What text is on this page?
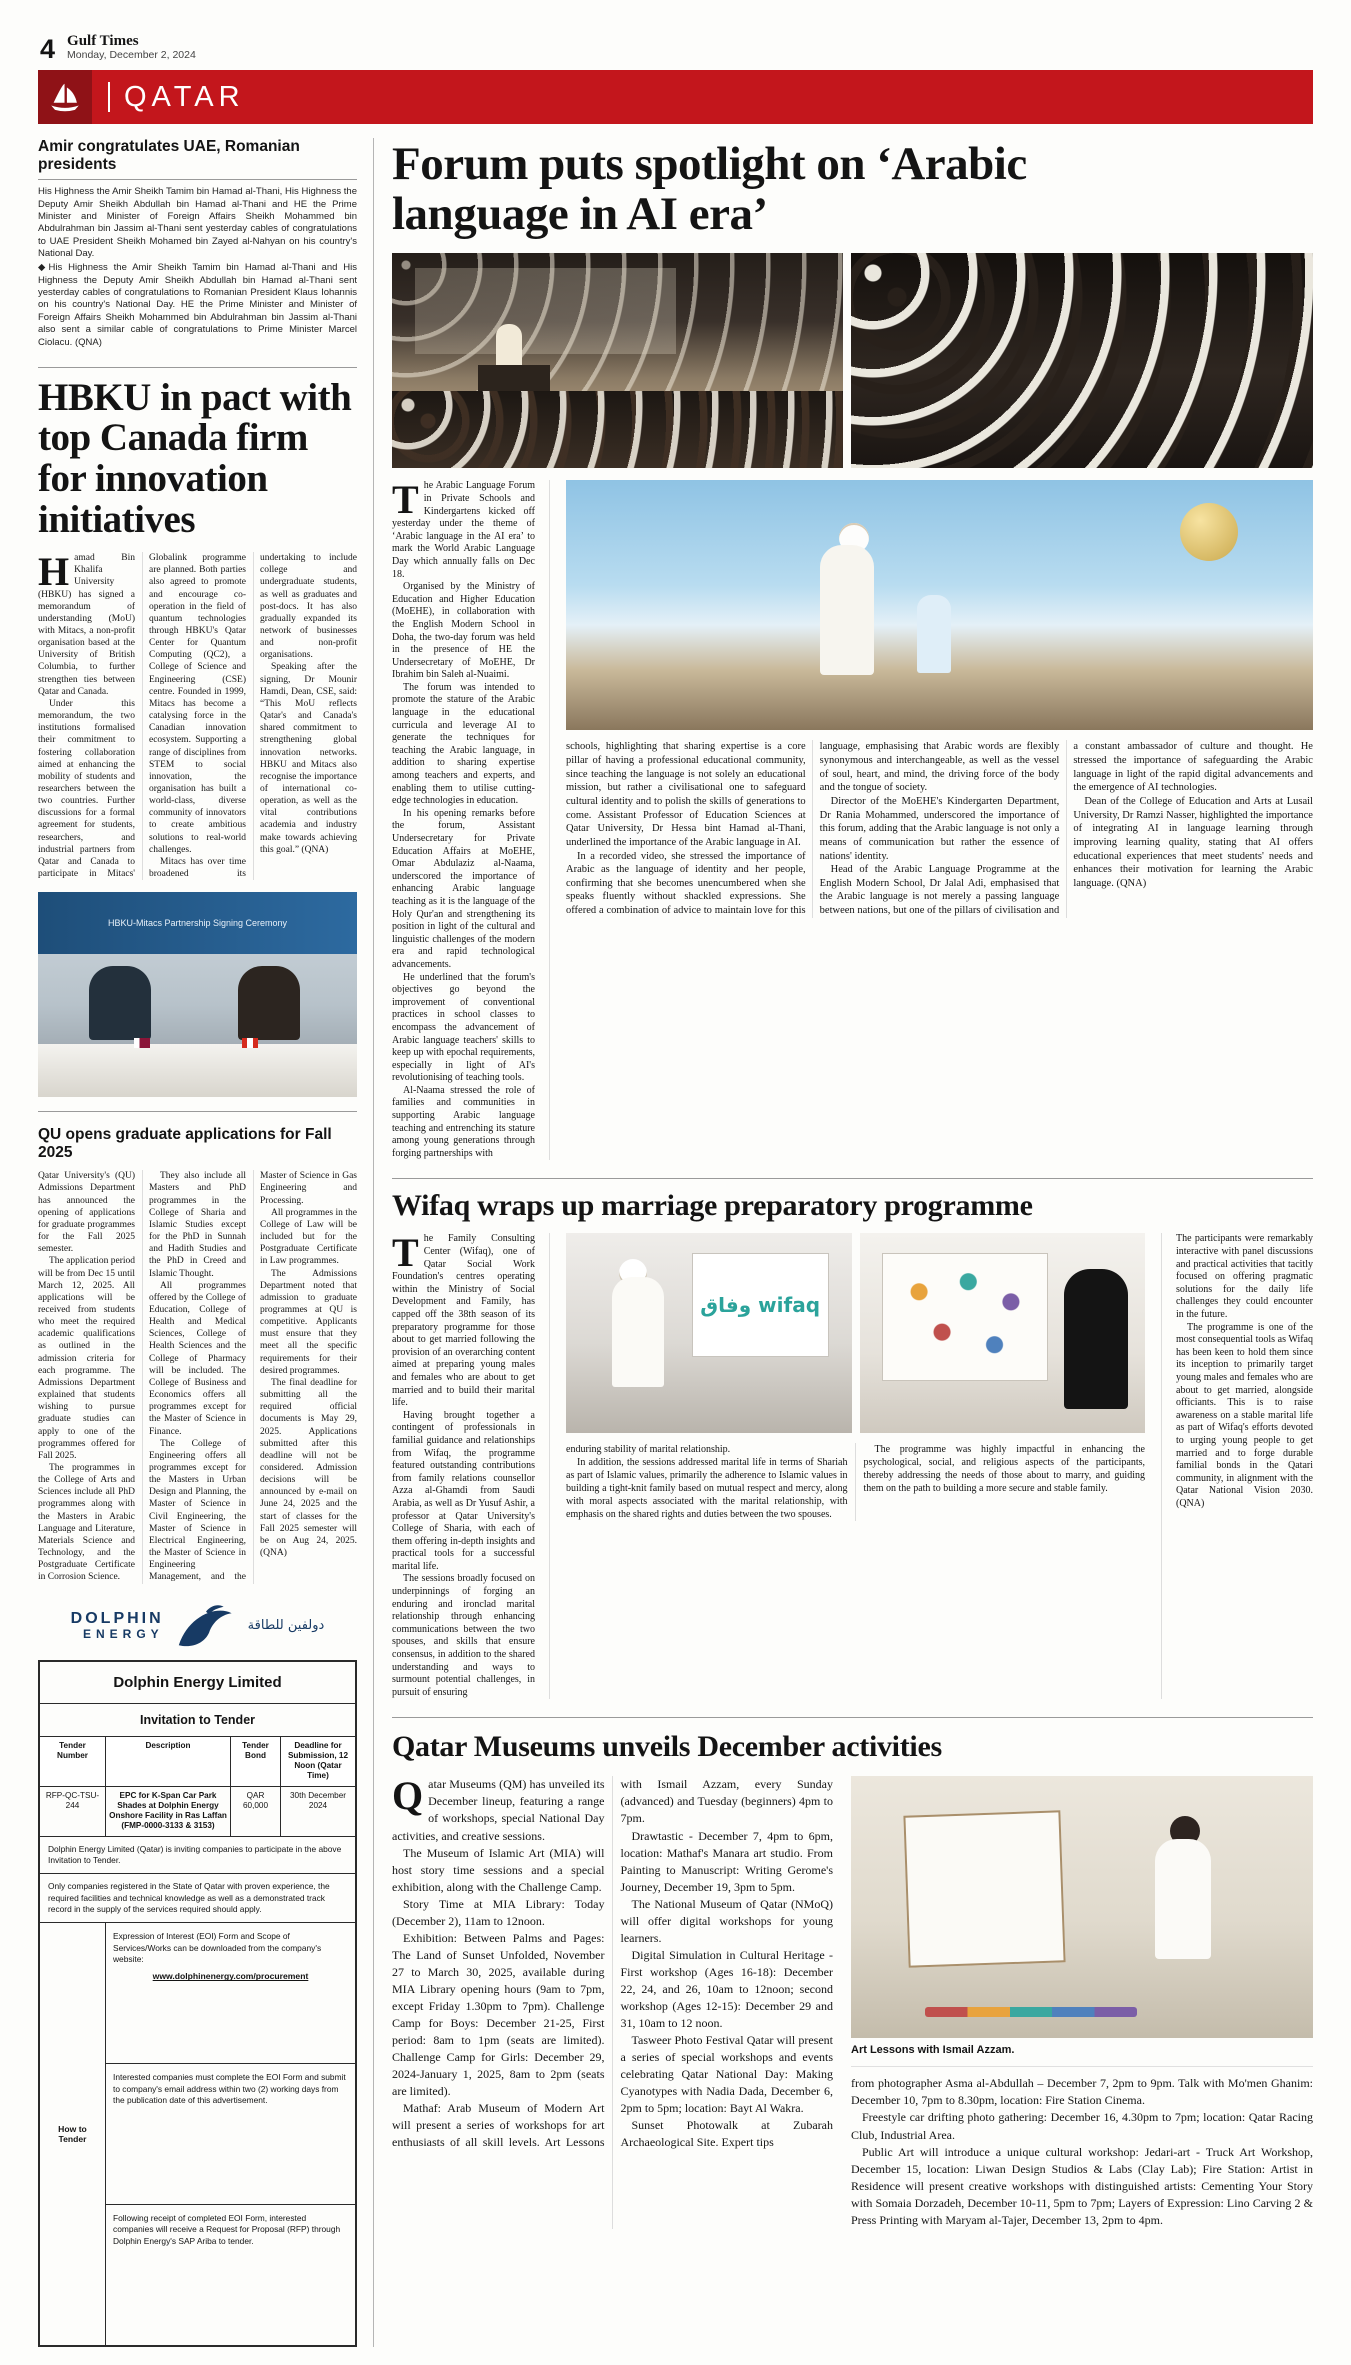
4 Gulf Times
Monday, December 2, 2024
QATAR
Amir congratulates UAE, Romanian presidents

His Highness the Amir Sheikh Tamim bin Hamad al-Thani, His Highness the Deputy Amir Sheikh Abdullah bin Hamad al-Thani and HE the Prime Minister and Minister of Foreign Affairs Sheikh Mohammed bin Abdulrahman bin Jassim al-Thani sent yesterday cables of congratulations to UAE President Sheikh Mohamed bin Zayed al-Nahyan on his country's National Day.

◆His Highness the Amir Sheikh Tamim bin Hamad al-Thani and His Highness the Deputy Amir Sheikh Abdullah bin Hamad al-Thani sent yesterday cables of congratulations to Romanian President Klaus Iohannis on his country's National Day. HE the Prime Minister and Minister of Foreign Affairs Sheikh Mohammed bin Abdulrahman bin Jassim al-Thani also sent a similar cable of congratulations to Prime Minister Marcel Ciolacu. (QNA)

HBKU in pact with top Canada firm for innovation initiatives

Hamad Bin Khalifa University (HBKU) has signed a memorandum of understanding (MoU) with Mitacs, a non-profit organisation based at the University of British Columbia, to further strengthen ties between Qatar and Canada.

Under this memorandum, the two institutions formalised their commitment to fostering collaboration aimed at enhancing the mobility of students and researchers between the two countries. Further discussions for a formal agreement for students, researchers, and industrial partners from Qatar and Canada to participate in Mitacs' Globalink programme are planned. Both parties also agreed to promote and encourage co-operation in the field of quantum technologies through HBKU's Qatar Center for Quantum Computing (QC2), a College of Science and Engineering (CSE) centre. Founded in 1999, Mitacs has become a catalysing force in the Canadian innovation ecosystem. Supporting a range of disciplines from STEM to social innovation, the organisation has built a world-class, diverse community of innovators to create ambitious solutions to real-world challenges.

Mitacs has over time broadened its undertaking to include college and undergraduate students, as well as graduates and post-docs. It has also gradually expanded its network of businesses and non-profit organisations.

Speaking after the signing, Dr Mounir Hamdi, Dean, CSE, said: “This MoU reflects Qatar's and Canada's shared commitment to strengthening global innovation networks. HBKU and Mitacs also recognise the importance of international co-operation, as well as the vital contributions academia and industry make towards achieving this goal.” (QNA)

HBKU-Mitacs Partnership Signing Ceremony
QU opens graduate applications for Fall 2025

Qatar University's (QU) Admissions Department has announced the opening of applications for graduate programmes for the Fall 2025 semester.

The application period will be from Dec 15 until March 12, 2025. All applications will be received from students who meet the required academic qualifications as outlined in the admission criteria for each programme. The Admissions Department explained that students wishing to pursue graduate studies can apply to one of the programmes offered for Fall 2025.

The programmes in the College of Arts and Sciences include all PhD programmes along with the Masters in Arabic Language and Literature, Materials Science and Technology, and the Postgraduate Certificate in Corrosion Science.

They also include all Masters and PhD programmes in the College of Sharia and Islamic Studies except for the PhD in Sunnah and Hadith Studies and the PhD in Creed and Islamic Thought.

All programmes offered by the College of Education, College of Health and Medical Sciences, College of Health Sciences and the College of Pharmacy will be included. The College of Business and Economics offers all programmes except for the Master of Science in Finance.

The College of Engineering offers all programmes except for the Masters in Urban Design and Planning, the Master of Science in Civil Engineering, the Master of Science in Electrical Engineering, the Master of Science in Engineering Management, and the Master of Science in Gas Engineering and Processing.

All programmes in the College of Law will be included but for the Postgraduate Certificate in Law programmes.

The Admissions Department noted that admission to graduate programmes at QU is competitive. Applicants must ensure that they meet all the specific requirements for their desired programmes.

The final deadline for submitting all the required official documents is May 29, 2025. Applications submitted after this deadline will not be considered. Admission decisions will be announced by e-mail on June 24, 2025 and the start of classes for the Fall 2025 semester will be on Aug 24, 2025. (QNA)

DOLPHIN
ENERGY
دولفين للطاقة
Dolphin Energy Limited
Invitation to Tender
Tender Number
Description	Tender Bond
Deadline for Submission, 12 Noon (Qatar Time)
RFP-QC-TSU-244
EPC for K-Span Car Park Shades at Dolphin Energy Onshore Facility in Ras Laffan (FMP-0000-3133 & 3153)
QAR 60,000
30th December 2024
Dolphin Energy Limited (Qatar) is inviting companies to participate in the above Invitation to Tender.
Only companies registered in the State of Qatar with proven experience, the required facilities and technical knowledge as well as a demonstrated track record in the supply of the services required should apply.
How to Tender
Expression of Interest (EOI) Form and Scope of Services/Works can be downloaded from the company's website:
www.dolphinenergy.com/procurement
Interested companies must complete the EOI Form and submit to company's email address within two (2) working days from the publication date of this advertisement.
Following receipt of completed EOI Form, interested companies will receive a Request for Proposal (RFP) through Dolphin Energy's SAP Ariba to tender.
Forum puts spotlight on ‘Arabic language in AI era’

The Arabic Language Forum in Private Schools and Kindergartens kicked off yesterday under the theme of ‘Arabic language in the AI era’ to mark the World Arabic Language Day which annually falls on Dec 18.

Organised by the Ministry of Education and Higher Education (MoEHE), in collaboration with the English Modern School in Doha, the two-day forum was held in the presence of HE the Undersecretary of MoEHE, Dr Ibrahim bin Saleh al-Nuaimi.

The forum was intended to promote the stature of the Arabic language in the educational curricula and leverage AI to generate the techniques for teaching the Arabic language, in addition to sharing expertise among teachers and experts, and enabling them to utilise cutting-edge technologies in education.

In his opening remarks before the forum, Assistant Undersecretary for Private Education Affairs at MoEHE, Omar Abdulaziz al-Naama, underscored the importance of enhancing Arabic language teaching as it is the language of the Holy Qur'an and strengthening its position in light of the cultural and linguistic challenges of the modern era and rapid technological advancements.

He underlined that the forum's objectives go beyond the improvement of conventional practices in school classes to encompass the advancement of Arabic language teachers' skills to keep up with epochal requirements, especially in light of AI's revolutionising of teaching tools.

Al-Naama stressed the role of families and communities in supporting Arabic language teaching and entrenching its stature among young generations through forging partnerships with

schools, highlighting that sharing expertise is a core pillar of having a professional educational community, since teaching the language is not solely an educational mission, but rather a civilisational one to safeguard cultural identity and to polish the skills of generations to come. Assistant Professor of Education Sciences at Qatar University, Dr Hessa bint Hamad al-Thani, underlined the importance of the Arabic language in AI.

In a recorded video, she stressed the importance of Arabic as the language of identity and her people, confirming that she becomes unencumbered when she speaks fluently without shackled expressions. She offered a combination of advice to maintain love for this language, emphasising that Arabic words are flexibly synonymous and interchangeable, as well as the vessel of soul, heart, and mind, the driving force of the body and the tongue of society.

Director of the MoEHE's Kindergarten Department, Dr Rania Mohammed, underscored the importance of this forum, adding that the Arabic language is not only a means of communication but rather the essence of nations' identity.

Head of the Arabic Language Programme at the English Modern School, Dr Jalal Adi, emphasised that the Arabic language is not merely a passing language between nations, but one of the pillars of civilisation and a constant ambassador of culture and thought. He stressed the importance of safeguarding the Arabic language in light of the rapid digital advancements and the emergence of AI technologies.

Dean of the College of Education and Arts at Lusail University, Dr Ramzi Nasser, highlighted the importance of integrating AI in language learning through improving learning quality, stating that AI offers educational experiences that meet students' needs and enhances their motivation for learning the Arabic language. (QNA)

Wifaq wraps up marriage preparatory programme

The Family Consulting Center (Wifaq), one of Qatar Social Work Foundation's centres operating within the Ministry of Social Development and Family, has capped off the 38th season of its preparatory programme for those about to get married following the provision of an overarching content aimed at preparing young males and females who are about to get married and to build their marital life.

Having brought together a contingent of professionals in familial guidance and relationships from Wifaq, the programme featured outstanding contributions from family relations counsellor Azza al-Ghamdi from Saudi Arabia, as well as Dr Yusuf Ashir, a professor at Qatar University's College of Sharia, with each of them offering in-depth insights and practical tools for a successful marital life.

The sessions broadly focused on underpinnings of forging an enduring and ironclad marital relationship through enhancing communications between the two spouses, and skills that ensure consensus, in addition to the shared understanding and ways to surmount potential challenges, in pursuit of ensuring

وفاق wifaq

enduring stability of marital relationship.

In addition, the sessions addressed marital life in terms of Shariah as part of Islamic values, primarily the adherence to Islamic values in building a tight-knit family based on mutual respect and mercy, along with moral aspects associated with the marital relationship, with emphasis on the shared rights and duties between the two spouses.

The programme was highly impactful in enhancing the psychological, social, and religious aspects of the participants, thereby addressing the needs of those about to marry, and guiding them on the path to building a more secure and stable family.

The participants were remarkably interactive with panel discussions and practical activities that tacitly focused on offering pragmatic solutions for the daily life challenges they could encounter in the future.

The programme is one of the most consequential tools as Wifaq has been keen to hold them since its inception to primarily target young males and females who are about to get married, alongside officiants. This is to raise awareness on a stable marital life as part of Wifaq's efforts devoted to urging young people to get married and to forge durable familial bonds in the Qatari community, in alignment with the Qatar National Vision 2030. (QNA)

Qatar Museums unveils December activities

Qatar Museums (QM) has unveiled its December lineup, featuring a range of workshops, special National Day activities, and creative sessions.

The Museum of Islamic Art (MIA) will host story time sessions and a special exhibition, along with the Challenge Camp.

Story Time at MIA Library: Today (December 2), 11am to 12noon.

Exhibition: Between Palms and Pages: The Land of Sunset Unfolded, November 27 to March 30, 2025, available during MIA Library opening hours (9am to 7pm, except Friday 1.30pm to 7pm). Challenge Camp for Boys: December 21-25, First period: 8am to 1pm (seats are limited). Challenge Camp for Girls: December 29, 2024-January 1, 2025, 8am to 2pm (seats are limited).

Mathaf: Arab Museum of Modern Art will present a series of workshops for art enthusiasts of all skill levels. Art Lessons with Ismail Azzam, every Sunday (advanced) and Tuesday (beginners) 4pm to 7pm.

Drawtastic - December 7, 4pm to 6pm, location: Mathaf's Manara art studio. From Painting to Manuscript: Writing Gerome's Journey, December 19, 3pm to 5pm.

The National Museum of Qatar (NMoQ) will offer digital workshops for young learners.

Digital Simulation in Cultural Heritage - First workshop (Ages 16-18): December 22, 24, and 26, 10am to 12noon; second workshop (Ages 12-15): December 29 and 31, 10am to 12 noon.

Tasweer Photo Festival Qatar will present a series of special workshops and events celebrating Qatar National Day: Making Cyanotypes with Nadia Dada, December 6, 2pm to 5pm; location: Bayt Al Wakra.

Sunset Photowalk at Zubarah Archaeological Site. Expert tips

Art Lessons with Ismail Azzam.

from photographer Asma al-Abdullah – December 7, 2pm to 9pm. Talk with Mo'men Ghanim: December 10, 7pm to 8.30pm, location: Fire Station Cinema.

Freestyle car drifting photo gathering: December 16, 4.30pm to 7pm; location: Qatar Racing Club, Industrial Area.

Public Art will introduce a unique cultural workshop: Jedari-art - Truck Art Workshop, December 15, location: Liwan Design Studios & Labs (Clay Lab); Fire Station: Artist in Residence will present creative workshops with distinguished artists: Cementing Your Story with Somaia Dorzadeh, December 10-11, 5pm to 7pm; Layers of Expression: Lino Carving 2 & Press Printing with Maryam al-Tajer, December 13, 2pm to 4pm.
